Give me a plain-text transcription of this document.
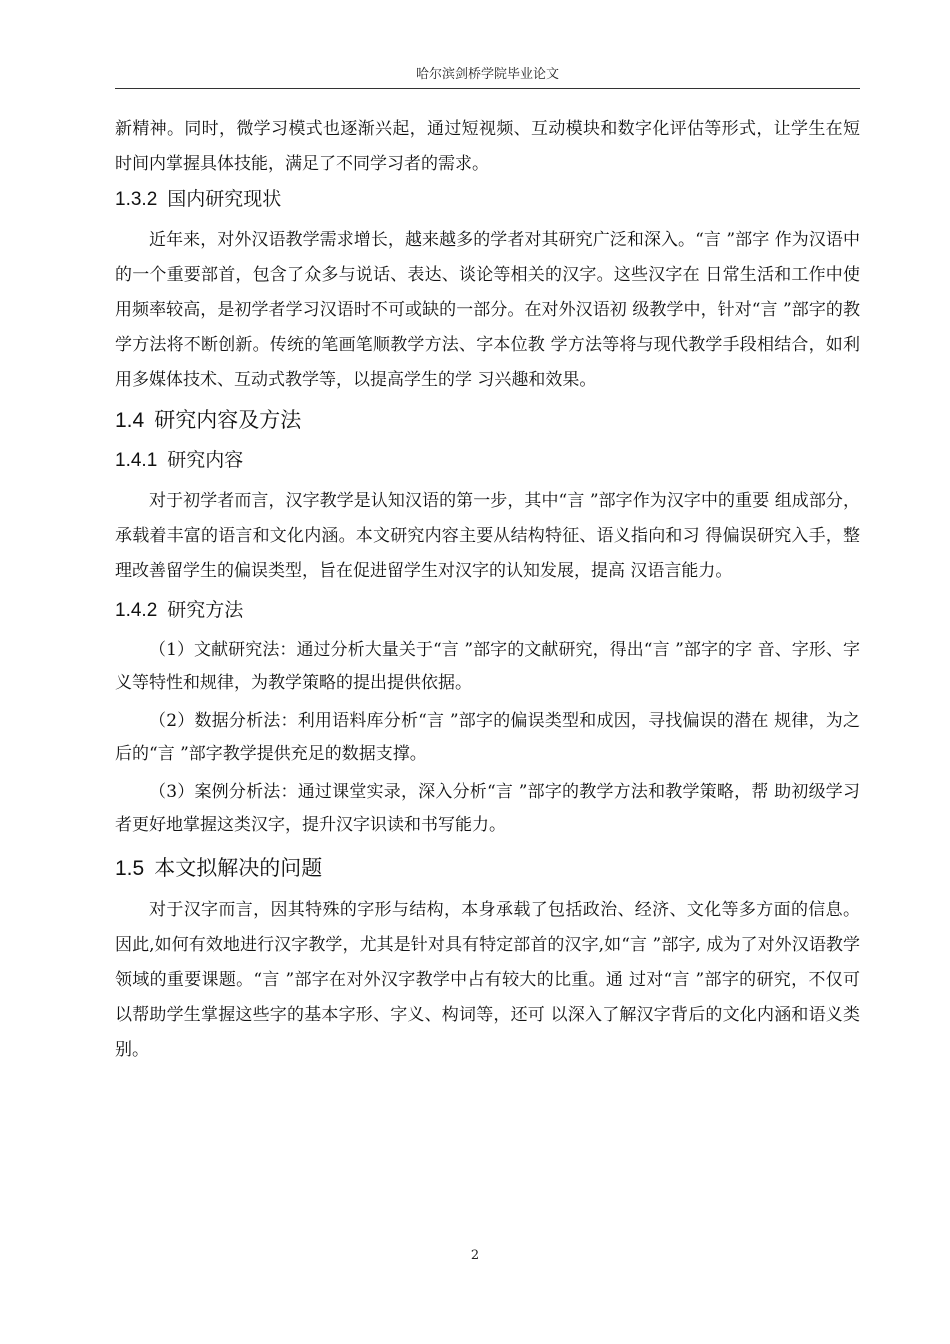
哈尔滨剑桥学院毕业论文

新精神。同时，微学习模式也逐渐兴起，通过短视频、互动模块和数字化评估等形式，让学生在短时间内掌握具体技能，满足了不同学习者的需求。

1.3.2 国内研究现状

近年来，对外汉语教学需求增长，越来越多的学者对其研究广泛和深入。“言 ”部字 作为汉语中的一个重要部首，包含了众多与说话、表达、谈论等相关的汉字。这些汉字在 日常生活和工作中使用频率较高，是初学者学习汉语时不可或缺的一部分。在对外汉语初 级教学中，针对“言 ”部字的教学方法将不断创新。传统的笔画笔顺教学方法、字本位教 学方法等将与现代教学手段相结合，如利用多媒体技术、互动式教学等，以提高学生的学 习兴趣和效果。

1.4 研究内容及方法
1.4.1 研究内容

对于初学者而言，汉字教学是认知汉语的第一步，其中“言 ”部字作为汉字中的重要 组成部分，承载着丰富的语言和文化内涵。本文研究内容主要从结构特征、语义指向和习 得偏误研究入手，整理改善留学生的偏误类型，旨在促进留学生对汉字的认知发展，提高 汉语言能力。

1.4.2 研究方法

（1）文献研究法：通过分析大量关于“言 ”部字的文献研究，得出“言 ”部字的字 音、字形、字义等特性和规律，为教学策略的提出提供依据。

（2）数据分析法：利用语料库分析“言 ”部字的偏误类型和成因，寻找偏误的潜在 规律，为之后的“言 ”部字教学提供充足的数据支撑。

（3）案例分析法：通过课堂实录，深入分析“言 ”部字的教学方法和教学策略，帮 助初级学习者更好地掌握这类汉字，提升汉字识读和书写能力。

1.5 本文拟解决的问题

对于汉字而言，因其特殊的字形与结构，本身承载了包括政治、经济、文化等多方面的信息。因此,如何有效地进行汉字教学，尤其是针对具有特定部首的汉字,如“言 ”部字, 成为了对外汉语教学领域的重要课题。“言 ”部字在对外汉字教学中占有较大的比重。通 过对“言 ”部字的研究，不仅可以帮助学生掌握这些字的基本字形、字义、构词等，还可 以深入了解汉字背后的文化内涵和语义类别。

2
